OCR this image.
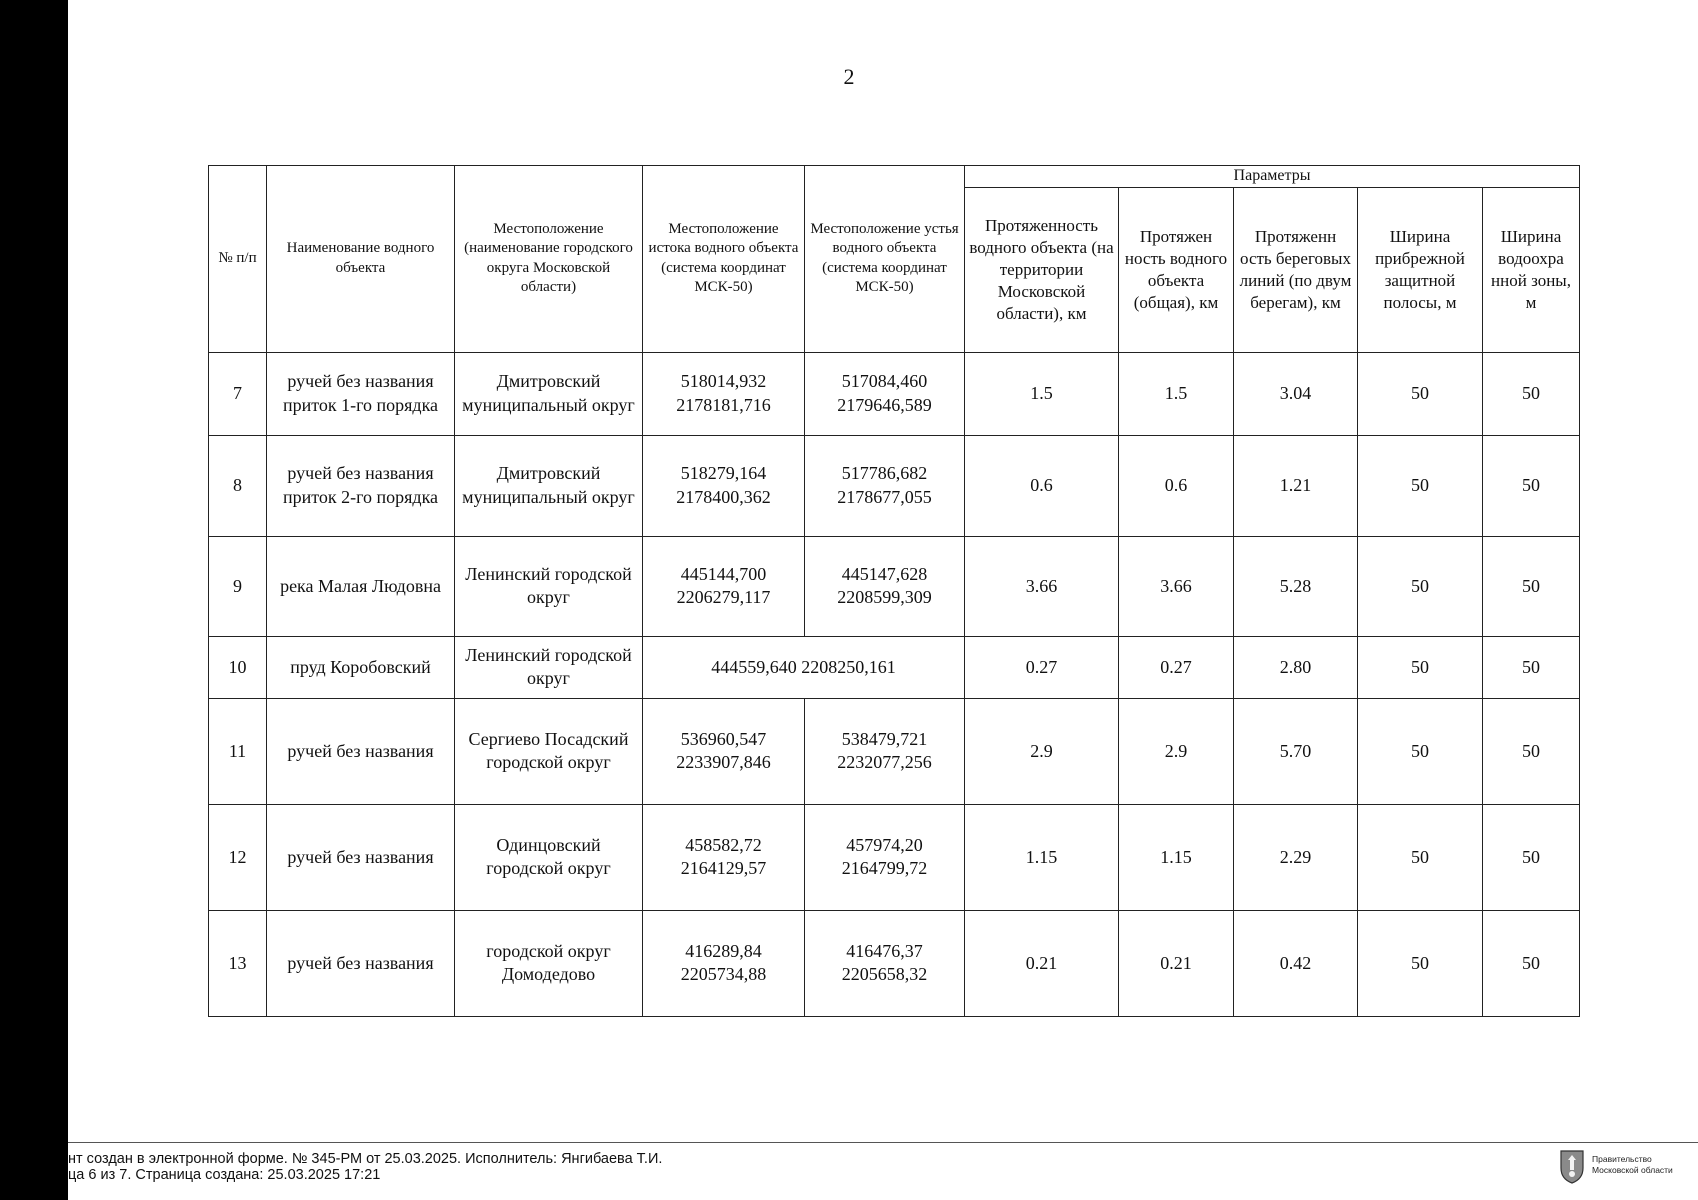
2
№ п/п	Наименование водного объекта	Местоположение (наименование городского округа Московской области)	Местоположение истока водного объекта (система координат МСК-50)	Местоположение устья водного объекта (система координат МСК-50)	Параметры				
					Протяженность водного объекта (на территории Московской области), км	Протяжен ность водного объекта (общая), км	Протяженн ость береговых линий (по двум берегам), км	Ширина прибрежной защитной полосы, м	Ширина водоохра нной зоны, м
7	ручей без названия приток 1-го порядка	Дмитровский муниципальный округ	518014,932 2178181,716	517084,460 2179646,589	1.5	1.5	3.04	50	50
8	ручей без названия приток 2-го порядка	Дмитровский муниципальный округ	518279,164 2178400,362	517786,682 2178677,055	0.6	0.6	1.21	50	50
9	река Малая Людовна	Ленинский городской округ	445144,700 2206279,117	445147,628 2208599,309	3.66	3.66	5.28	50	50
10	пруд Коробовский	Ленинский городской округ	444559,640 2208250,161		0.27	0.27	2.80	50	50
11	ручей без названия	Сергиево Посадский городской округ	536960,547 2233907,846	538479,721 2232077,256	2.9	2.9	5.70	50	50
12	ручей без названия	Одинцовский городской округ	458582,72 2164129,57	457974,20 2164799,72	1.15	1.15	2.29	50	50
13	ручей без названия	городской округ Домодедово	416289,84 2205734,88	416476,37 2205658,32	0.21	0.21	0.42	50	50
нт создан в электронной форме. № 345-РМ от 25.03.2025. Исполнитель: Янгибаева Т.И.
ца 6 из 7. Страница создана: 25.03.2025 17:21
Правительство
Московской области
